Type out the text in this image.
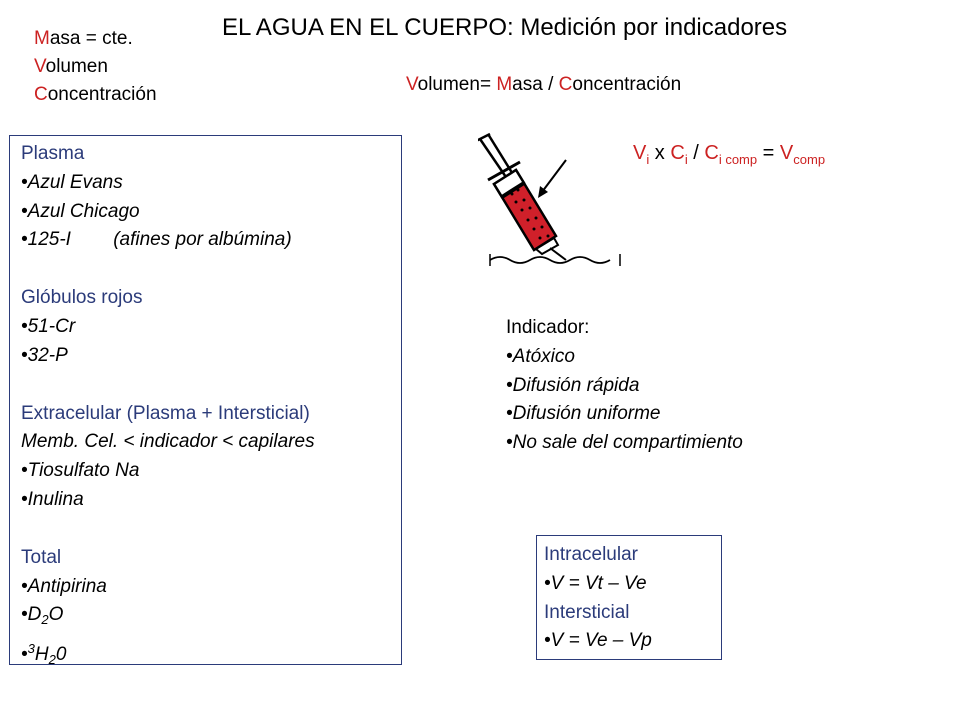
EL AGUA EN EL CUERPO: Medición por indicadores
Masa = cte.
Volumen
Concentración	Volumen= Masa / Concentración
$V_i$ x $C_i / C_{i comp} = V_{comp}$
Plasma
•Azul Evans
•Azul Chicago
•125-I        (afines por albúmina)
Glóbulos rojos
•51-Cr
•32-P
Extracelular (Plasma + Intersticial)
Memb. Cel. < indicador < capilares
•Tiosulfato Na
•Inulina
Total
•Antipirina
$•D_2O$
$•^3H_20$
Indicador:
•Atóxico
•Difusión rápida
•Difusión uniforme
•No sale del compartimiento
Intracelular
•V = Vt – Ve
Intersticial
•V = Ve – Vp
